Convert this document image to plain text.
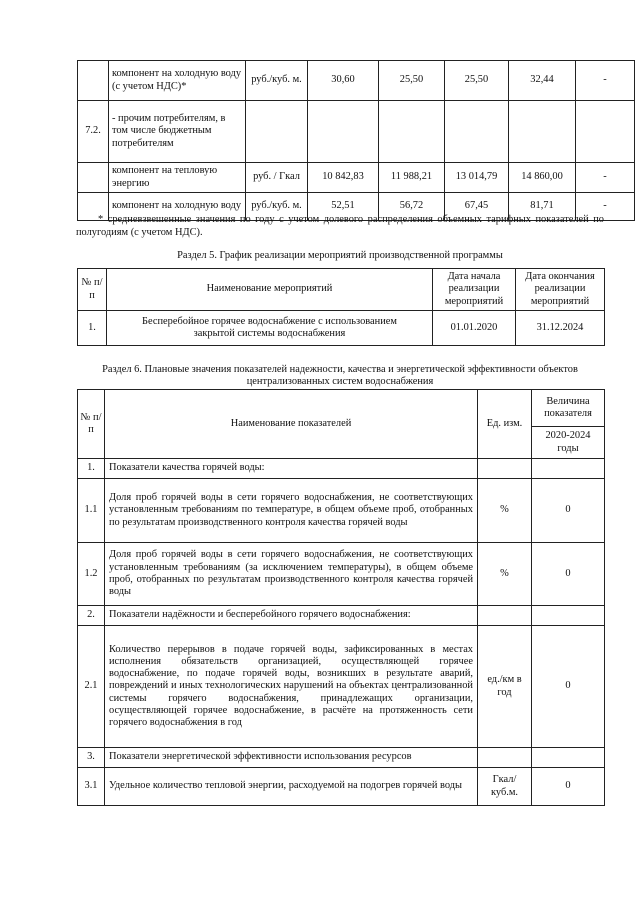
	компонент на холодную воду (с учетом НДС)*	руб./куб. м.	30,60	25,50	25,50	32,44	-
7.2.	- прочим потребителям, в том числе бюджетным потребителям						
	компонент на тепловую энергию	руб. / Гкал	10 842,83	11 988,21	13 014,79	14 860,00	-
	компонент на холодную воду	руб./куб. м.	52,51	56,72	67,45	81,71	-
* средневзвешенные значения по году с учетом долевого распределения объемных тарифных показателей по полугодиям (с учетом НДС).
Раздел 5. График реализации мероприятий производственной программы
№ п/п	Наименование мероприятий	Дата начала реализации мероприятий	Дата окончания реализации мероприятий
1.	Бесперебойное горячее водоснабжение с использованием закрытой системы водоснабжения	01.01.2020	31.12.2024
Раздел 6. Плановые значения показателей надежности, качества и энергетической эффективности объектов централизованных систем водоснабжения
№ п/ п	Наименование показателей	Ед. изм.	Величина показателя
			2020-2024 годы
1.	Показатели качества горячей воды:		
1.1	Доля проб горячей воды в сети горячего водоснабжения, не соответствующих установленным требованиям по температуре, в общем объеме проб, отобранных по результатам производственного контроля качества горячей воды	%	0
1.2	Доля проб горячей воды в сети горячего водоснабжения, не соответствующих установленным требованиям (за исключением температуры), в общем объеме проб, отобранных по результатам производственного контроля качества горячей воды	%	0
2.	Показатели надёжности и бесперебойного горячего водоснабжения:		
2.1	Количество перерывов в подаче горячей воды, зафиксированных в местах исполнения обязательств организацией, осуществляющей горячее водоснабжение, по подаче горячей воды, возникших в результате аварий, повреждений и иных технологических нарушений на объектах централизованной системы горячего водоснабжения, принадлежащих организации, осуществляющей горячее водоснабжение, в расчёте на протяженность сети горячего водоснабжения в год	ед./км в год	0
3.	Показатели энергетической эффективности использования ресурсов		
3.1	Удельное количество тепловой энергии, расходуемой на подогрев горячей воды	Гкал/куб.м.	0
